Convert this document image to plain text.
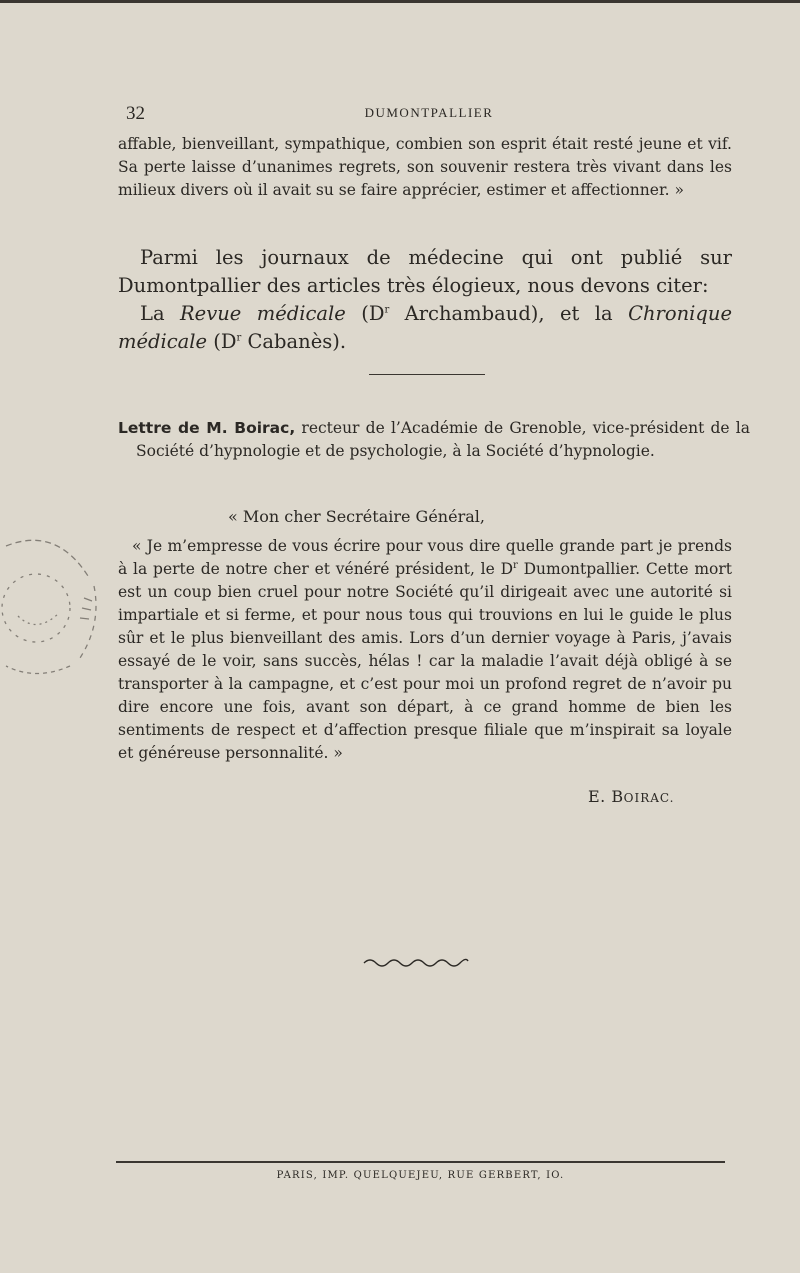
32	DUMONTPALLIER

affable, bienveillant, sympathique, combien son esprit était resté jeune et vif. Sa perte laisse d’unanimes regrets, son souvenir restera très vivant dans les milieux divers où il avait su se faire apprécier, estimer et affectionner. »

Parmi les journaux de médecine qui ont publié sur Dumontpallier des articles très élogieux, nous devons citer:

La Revue médicale ($D^r$ Archambaud), et la Chronique médicale ($D^r$ Cabanès).

Lettre de M. Boirac, recteur de l’Académie de Grenoble, vice-président de la Société d’hypnologie et de psychologie, à la Société d’hypnologie.

« Mon cher Secrétaire Général,

« Je m’empresse de vous écrire pour vous dire quelle grande part je prends à la perte de notre cher et vénéré président, le $D^r$ Dumontpallier. Cette mort est un coup bien cruel pour notre Société qu’il dirigeait avec une autorité si impartiale et si ferme, et pour nous tous qui trouvions en lui le guide le plus sûr et le plus bienveillant des amis. Lors d’un dernier voyage à Paris, j’avais essayé de le voir, sans succès, hélas ! car la maladie l’avait déjà obligé à se transporter à la campagne, et c’est pour moi un profond regret de n’avoir pu dire encore une fois, avant son départ, à ce grand homme de bien les sentiments de respect et d’affection presque filiale que m’inspirait sa loyale et généreuse personnalité. »

E. BOIRAC.
PARIS, IMP. QUELQUEJEU, RUE GERBERT, IO.
